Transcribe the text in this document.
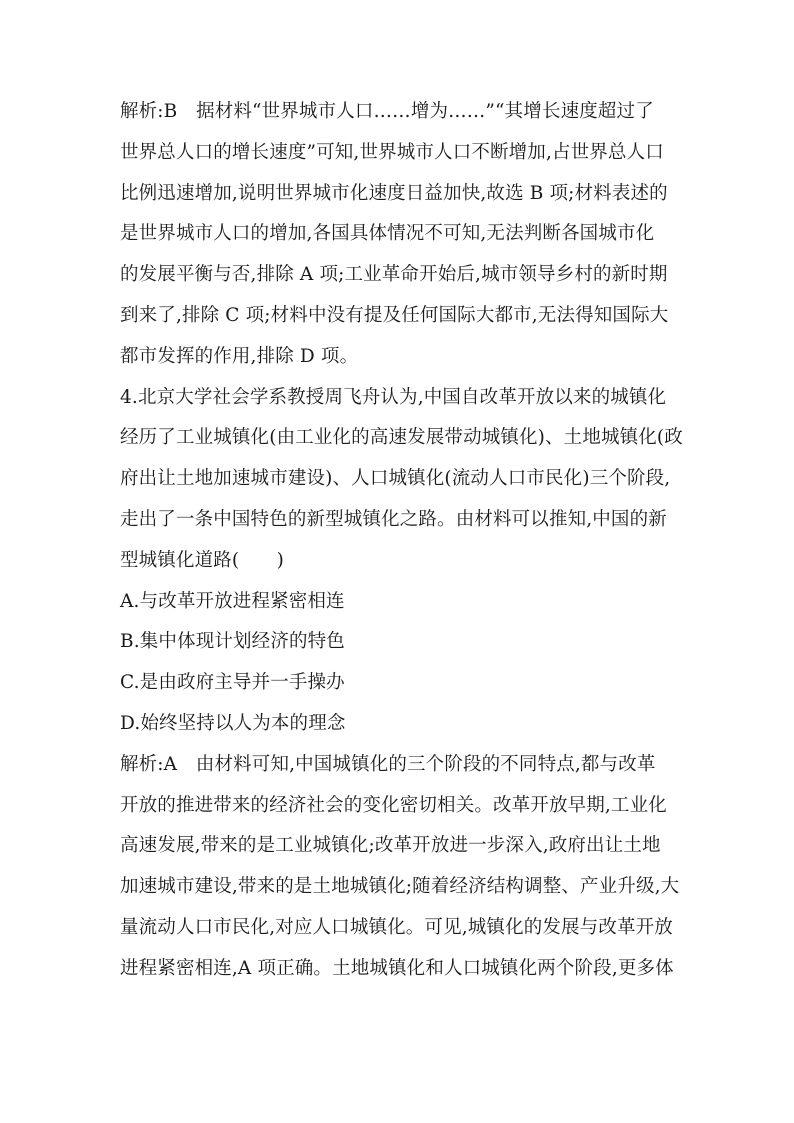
解析:B　据材料“世界城市人口……增为……”“其增长速度超过了
世界总人口的增长速度”可知,世界城市人口不断增加,占世界总人口
比例迅速增加,说明世界城市化速度日益加快,故选 B 项;材料表述的
是世界城市人口的增加,各国具体情况不可知,无法判断各国城市化
的发展平衡与否,排除 A 项;工业革命开始后,城市领导乡村的新时期
到来了,排除 C 项;材料中没有提及任何国际大都市,无法得知国际大
都市发挥的作用,排除 D 项。
4.北京大学社会学系教授周飞舟认为,中国自改革开放以来的城镇化
经历了工业城镇化(由工业化的高速发展带动城镇化)、土地城镇化(政
府出让土地加速城市建设)、人口城镇化(流动人口市民化)三个阶段,
走出了一条中国特色的新型城镇化之路。由材料可以推知,中国的新
型城镇化道路(　　)
A.与改革开放进程紧密相连
B.集中体现计划经济的特色
C.是由政府主导并一手操办
D.始终坚持以人为本的理念
解析:A　由材料可知,中国城镇化的三个阶段的不同特点,都与改革
开放的推进带来的经济社会的变化密切相关。改革开放早期,工业化
高速发展,带来的是工业城镇化;改革开放进一步深入,政府出让土地
加速城市建设,带来的是土地城镇化;随着经济结构调整、产业升级,大
量流动人口市民化,对应人口城镇化。可见,城镇化的发展与改革开放
进程紧密相连,A 项正确。土地城镇化和人口城镇化两个阶段,更多体
